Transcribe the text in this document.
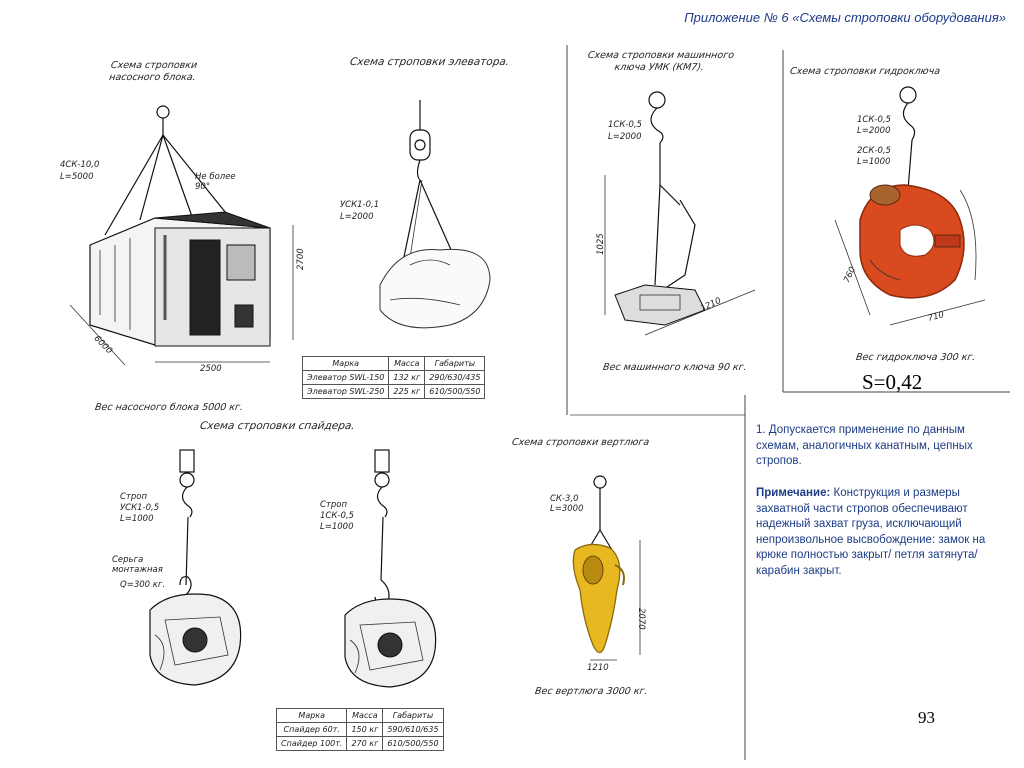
Приложение № 6 «Схемы строповки оборудования»
Схема строповки насосного блока.
4СК-10,0
L=5000	Не более 90°
2700
2500
6000
Вес насосного блока 5000 кг.
Схема строповки элеватора.
УСК1-0,1
L=2000
Марка	Масса	Габариты
Элеватор SWL-150	132 кг	290/630/435
Элеватор SWL-250	225 кг	610/500/550
Схема строповки машинного ключа УМК (КМ7).
1СК-0,5
L=2000
1025
1210
Вес машинного ключа 90 кг.
Схема строповки гидроключа
1СК-0,5
L=2000
2СК-0,5
L=1000
760
710
Вес гидроключа 300 кг.
S=0,42
1. Допускается применение по данным схемам, аналогичных канатным, цепных стропов.
Примечание: Конструкция и размеры захватной части стропов обеспечивают надежный захват груза, исключающий непроизвольное высвобождение: замок на крюке полностью закрыт/ петля затянута/ карабин закрыт.
Схема строповки спайдера.
Строп
УСК1-0,5
L=1000
Серьга монтажная
Q=300 кг.
Строп
1СК-0,5
L=1000
Марка	Масса	Габариты
Спайдер 60т.	150 кг	590/610/635
Спайдер 100т.	270 кг	610/500/550
Схема строповки вертлюга
СК-3,0
L=3000
2070
1210
Вес вертлюга 3000 кг.
93
